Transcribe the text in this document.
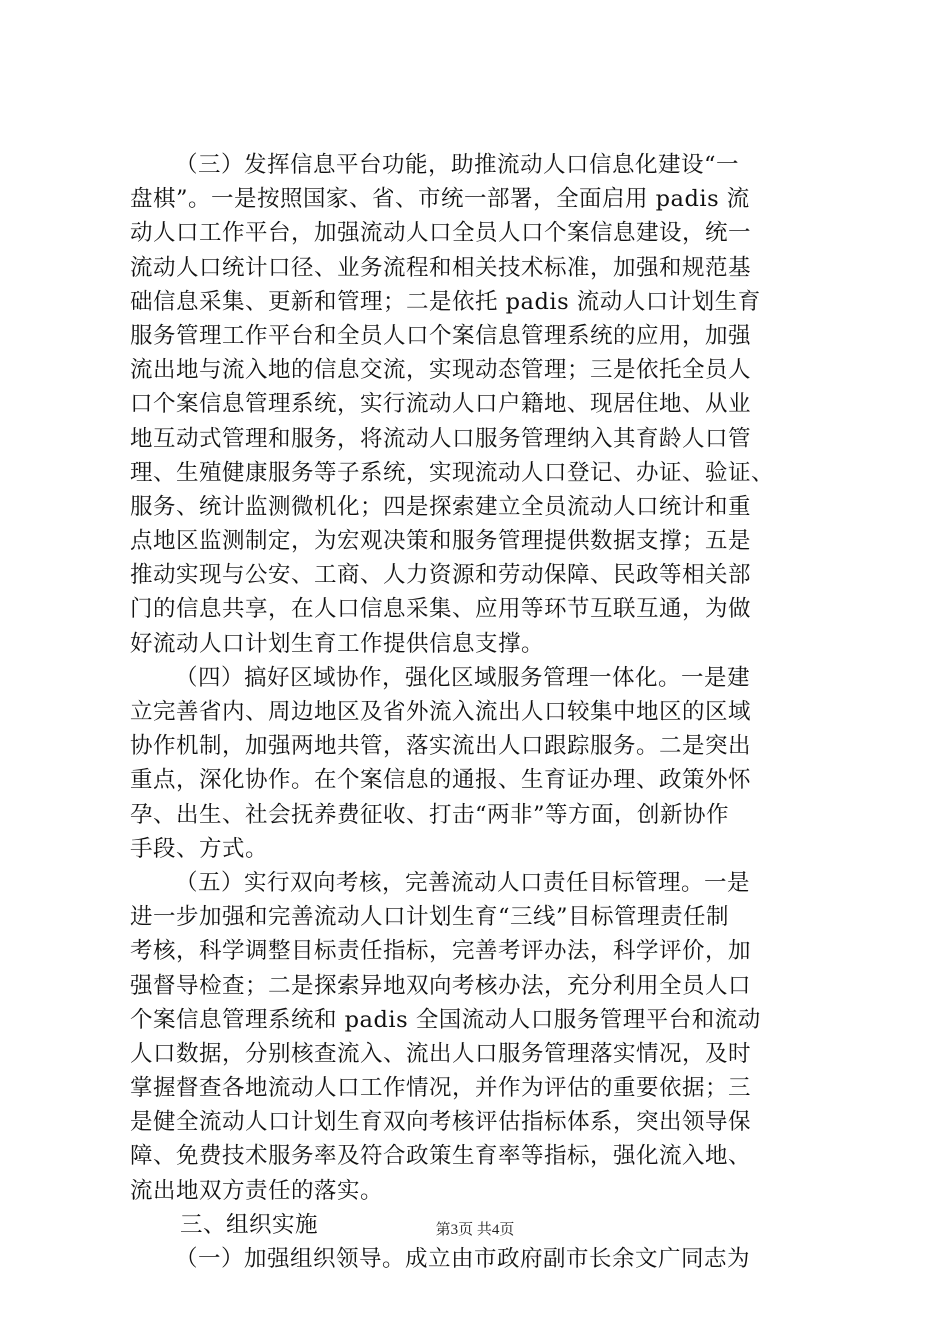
（三）发挥信息平台功能，助推流动人口信息化建设“一
盘棋”。一是按照国家、省、市统一部署，全面启用 padis 流
动人口工作平台，加强流动人口全员人口个案信息建设，统一
流动人口统计口径、业务流程和相关技术标准，加强和规范基
础信息采集、更新和管理；二是依托 padis 流动人口计划生育
服务管理工作平台和全员人口个案信息管理系统的应用，加强
流出地与流入地的信息交流，实现动态管理；三是依托全员人
口个案信息管理系统，实行流动人口户籍地、现居住地、从业
地互动式管理和服务，将流动人口服务管理纳入其育龄人口管
理、生殖健康服务等子系统，实现流动人口登记、办证、验证、
服务、统计监测微机化；四是探索建立全员流动人口统计和重
点地区监测制定，为宏观决策和服务管理提供数据支撑；五是
推动实现与公安、工商、人力资源和劳动保障、民政等相关部
门的信息共享，在人口信息采集、应用等环节互联互通，为做
好流动人口计划生育工作提供信息支撑。
（四）搞好区域协作，强化区域服务管理一体化。一是建
立完善省内、周边地区及省外流入流出人口较集中地区的区域
协作机制，加强两地共管，落实流出人口跟踪服务。二是突出
重点，深化协作。在个案信息的通报、生育证办理、政策外怀
孕、出生、社会抚养费征收、打击“两非”等方面，创新协作
手段、方式。
（五）实行双向考核，完善流动人口责任目标管理。一是
进一步加强和完善流动人口计划生育“三线”目标管理责任制
考核，科学调整目标责任指标，完善考评办法，科学评价，加
强督导检查；二是探索异地双向考核办法，充分利用全员人口
个案信息管理系统和 padis 全国流动人口服务管理平台和流动
人口数据，分别核查流入、流出人口服务管理落实情况，及时
掌握督查各地流动人口工作情况，并作为评估的重要依据；三
是健全流动人口计划生育双向考核评估指标体系，突出领导保
障、免费技术服务率及符合政策生育率等指标，强化流入地、
流出地双方责任的落实。
三、组织实施
（一）加强组织领导。成立由市政府副市长余文广同志为
第3页 共4页
